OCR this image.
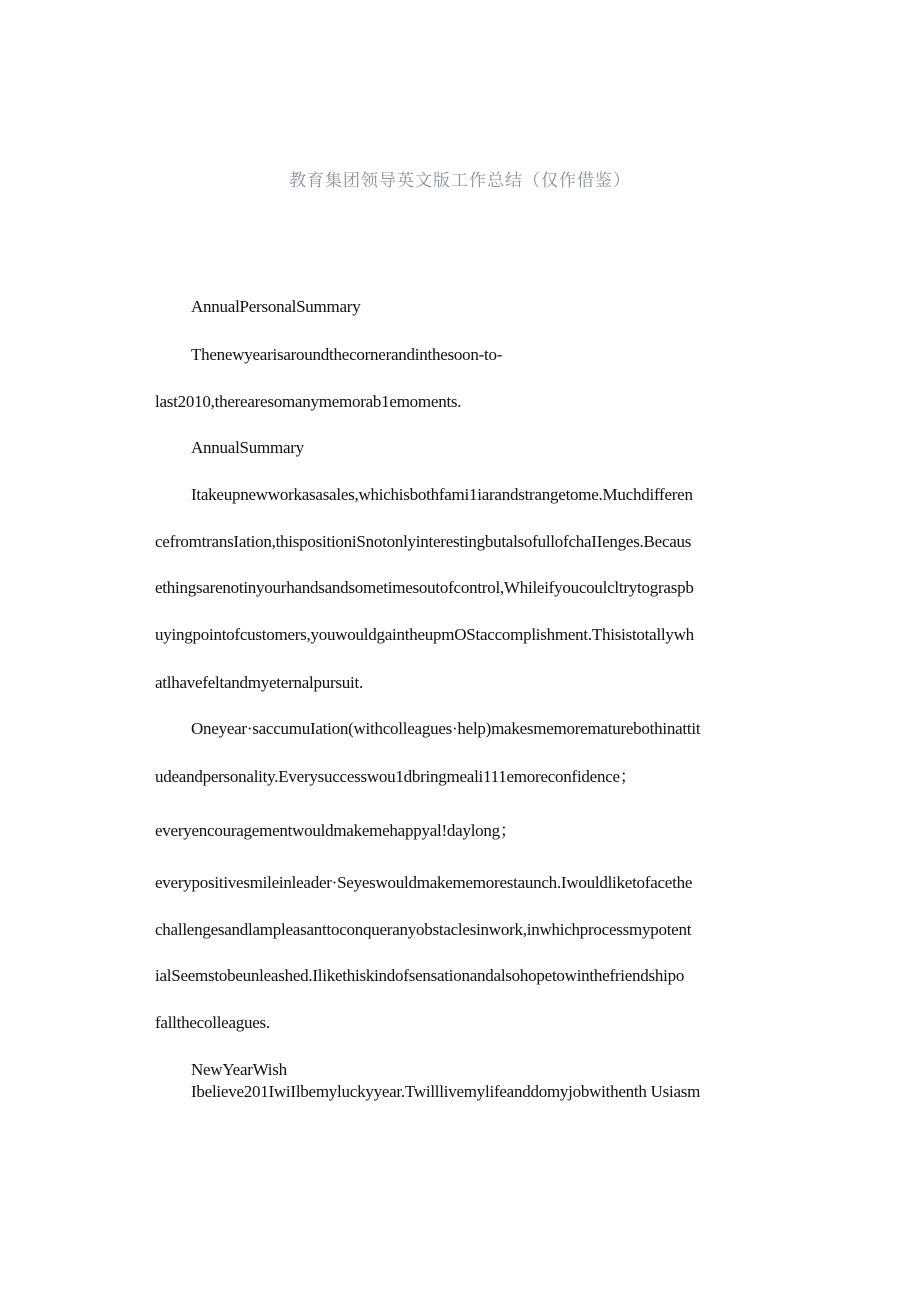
教育集团领导英文版工作总结（仅作借鉴）
AnnualPersonalSummary
Thenewyearisaroundthecornerandinthesoon-to-
last2010,therearesomanymemorab1emoments.
AnnualSummary
Itakeupnewworkasasales,whichisbothfami1iarandstrangetome.Muchdifferen
cefromtransIation,thispositioniSnotonlyinterestingbutalsofullofchaIIenges.Becaus
ethingsarenotinyourhandsandsometimesoutofcontrol,Whileifyoucoulcltrytograspb
uyingpointofcustomers,youwouldgaintheupmOStaccomplishment.Thisistotallywh
atlhavefeltandmyeternalpursuit.
Oneyear·saccumuIation(withcolleagues·help)makesmemorematurebothinattit
udeandpersonality.Everysuccesswou1dbringmeali111emoreconfidence；
everyencouragementwouldmakemehappyal!daylong；
everypositivesmileinleader·Seyeswouldmakememorestaunch.Iwouldliketofacethe
challengesandlampleasanttoconqueranyobstaclesinwork,inwhichprocessmypotent
ialSeemstobeunleashed.Ilikethiskindofsensationandalsohopetowinthefriendshipo
fallthecolleagues.
NewYearWish
Ibelieve201IwiIlbemyluckyyear.Twilllivemylifeanddomyjobwithenth Usiasm
